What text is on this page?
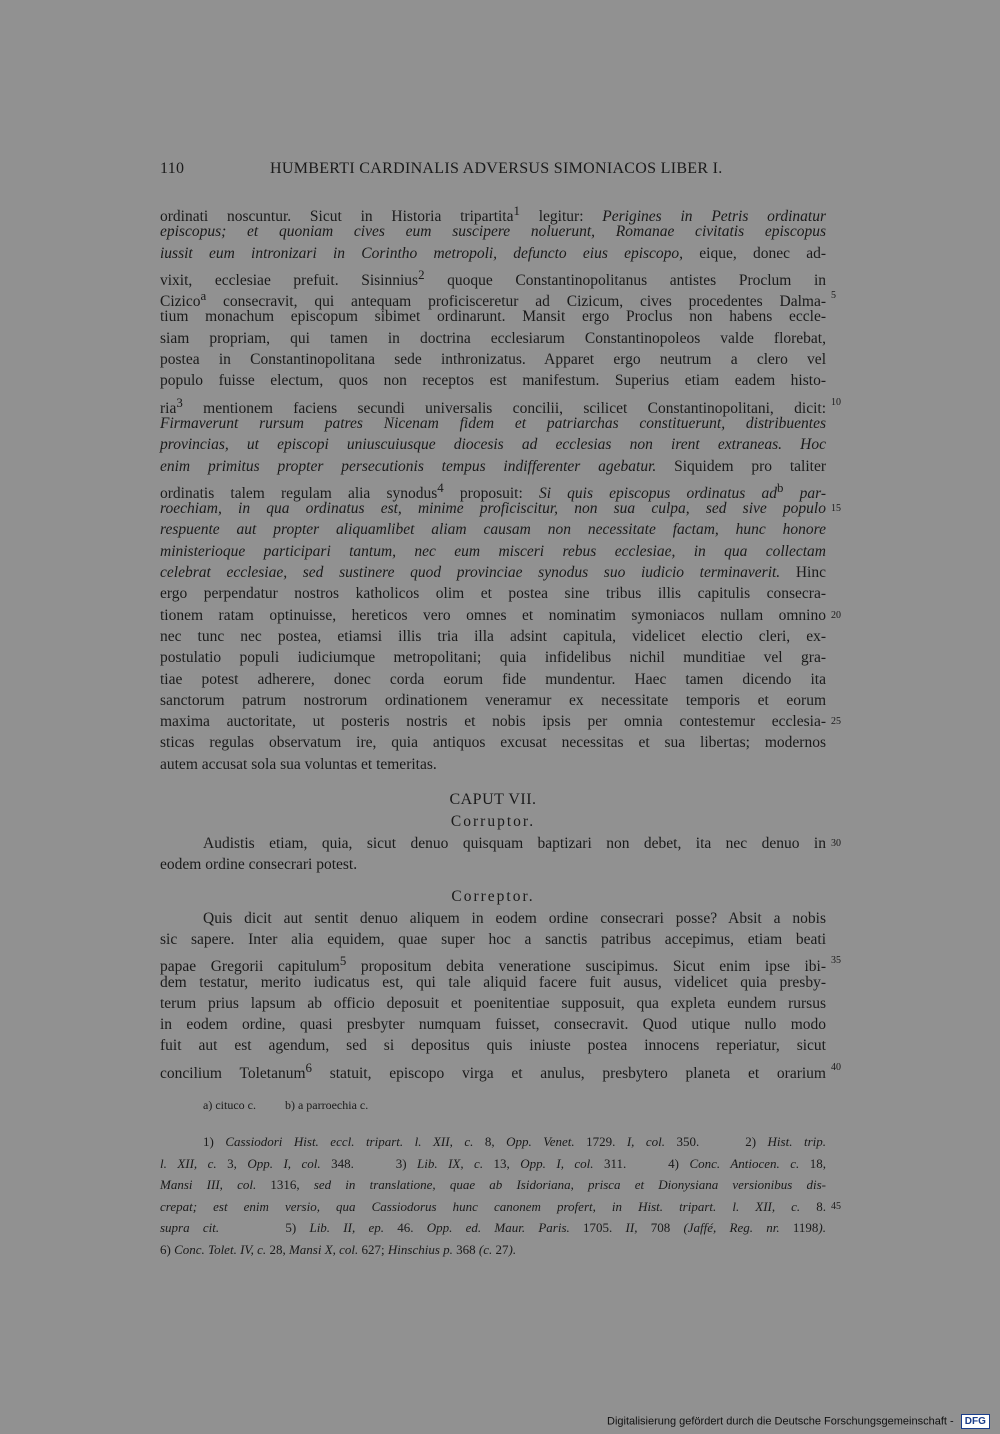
110	HUMBERTI CARDINALIS ADVERSUS SIMONIACOS LIBER I.
ordinati noscuntur. Sicut in Historia tripartita$^1$ legitur: Perigines in Petris ordinatur
episcopus; et quoniam cives eum suscipere noluerunt, Romanae civitatis episcopus
iussit eum intronizari in Corintho metropoli, defuncto eius episcopo, eique, donec ad-
vixit, ecclesiae prefuit. Sisinnius$^2$ quoque Constantinopolitanus antistes Proclum in
Cizico$^a$ consecravit, qui antequam proficisceretur ad Cizicum, cives procedentes Dalma- 5
tium monachum episcopum sibimet ordinarunt. Mansit ergo Proclus non habens eccle-
siam propriam, qui tamen in doctrina ecclesiarum Constantinopoleos valde florebat,
postea in Constantinopolitana sede inthronizatus. Apparet ergo neutrum a clero vel
populo fuisse electum, quos non receptos est manifestum. Superius etiam eadem histo-
ria$^3$ mentionem faciens secundi universalis concilii, scilicet Constantinopolitani, dicit: 10
Firmaverunt rursum patres Nicenam fidem et patriarchas constituerunt, distribuentes
provincias, ut episcopi uniuscuiusque diocesis ad ecclesias non irent extraneas. Hoc
enim primitus propter persecutionis tempus indifferenter agebatur. Siquidem pro taliter
ordinatis talem regulam alia synodus$^4$ proposuit: Si quis episcopus ordinatus $ad^b$ par-
roechiam, in qua ordinatus est, minime proficiscitur, non sua culpa, sed sive populo 15
respuente aut propter aliquamlibet aliam causam non necessitate factam, hunc honore
ministerioque participari tantum, nec eum misceri rebus ecclesiae, in qua collectam
celebrat ecclesiae, sed sustinere quod provinciae synodus suo iudicio terminaverit. Hinc
ergo perpendatur nostros katholicos olim et postea sine tribus illis capitulis consecra-
tionem ratam optinuisse, hereticos vero omnes et nominatim symoniacos nullam omnino 20
nec tunc nec postea, etiamsi illis tria illa adsint capitula, videlicet electio cleri, ex-
postulatio populi iudiciumque metropolitani; quia infidelibus nichil munditiae vel gra-
tiae potest adherere, donec corda eorum fide mundentur. Haec tamen dicendo ita
sanctorum patrum nostrorum ordinationem veneramur ex necessitate temporis et eorum
maxima auctoritate, ut posteris nostris et nobis ipsis per omnia contestemur ecclesia- 25
sticas regulas observatum ire, quia antiquos excusat necessitas et sua libertas; modernos
autem accusat sola sua voluntas et temeritas.
CAPUT VII.
Corruptor.
Audistis etiam, quia, sicut denuo quisquam baptizari non debet, ita nec denuo in 30
eodem ordine consecrari potest.
Correptor.
Quis dicit aut sentit denuo aliquem in eodem ordine consecrari posse? Absit a nobis
sic sapere. Inter alia equidem, quae super hoc a sanctis patribus accepimus, etiam beati
papae Gregorii capitulum$^5$ propositum debita veneratione suscipimus. Sicut enim ipse ibi- 35
dem testatur, merito iudicatus est, qui tale aliquid facere fuit ausus, videlicet quia presby-
terum prius lapsum ab officio deposuit et poenitentiae supposuit, qua expleta eundem rursus
in eodem ordine, quasi presbyter numquam fuisset, consecravit. Quod utique nullo modo
fuit aut est agendum, sed si depositus quis iniuste postea innocens reperiatur, sicut
concilium Toletanum$^6$ statuit, episcopo virga et anulus, presbytero planeta et orarium 40
a) cituco c. b) a parroechia c.
1) Cassiodori Hist. eccl. tripart. l. XII, c. 8, Opp. Venet. 1729. I, col. 350.    2) Hist. trip.
l. XII, c. 3, Opp. I, col. 348.    3) Lib. IX, c. 13, Opp. I, col. 311.    4) Conc. Antiocen. c. 18,
Mansi III, col. 1316, sed in translatione, quae ab Isidoriana, prisca et Dionysiana versionibus dis-
crepat; est enim versio, qua Cassiodorus hunc canonem profert, in Hist. tripart. l. XII, c. 8. 45
supra cit.     5) Lib. II, ep. 46. Opp. ed. Maur. Paris. 1705. II, 708 (Jaffé, Reg. nr. 1198).
6) Conc. Tolet. IV, c. 28, Mansi X, col. 627; Hinschius p. 368 (c. 27).
Digitalisierung gefördert durch die Deutsche Forschungsgemeinschaft - DFG
